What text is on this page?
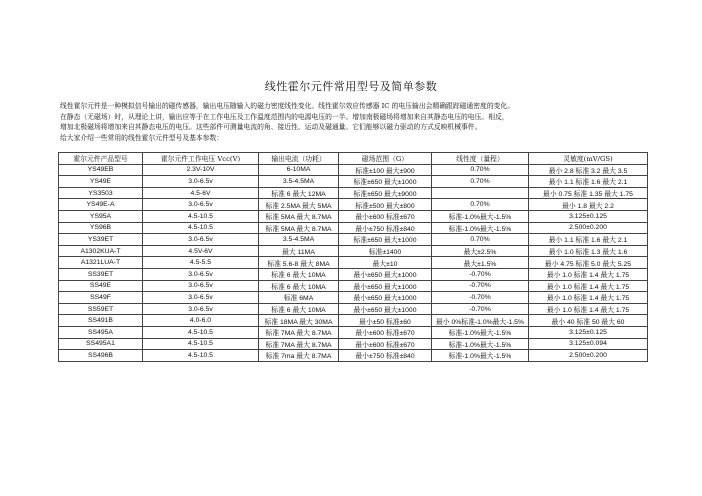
线性霍尔元件常用型号及简单参数
线性霍尔元件是一种模拟信号输出的磁传感器，输出电压随输入的磁力密度线性变化。线性霍尔效应传感器 IC 的电压输出会精确跟踪磁通密度的变化。
在静态（无磁场）时，从理论上讲，输出应等于在工作电压及工作温度范围内的电源电压的一半。增加南极磁场将增加来自其静态电压的电压。相反，
增加北极磁场将增加来自其静态电压的电压。这些部件可测量电流的角、接近性、运动及磁通量。它们能够以磁力驱动的方式反映机械事件。
给大家介绍一些常用的线性霍尔元件型号及基本参数：
霍尔元件产品型号	霍尔元件工作电压 Vcc(V)	输出电流（功耗）	磁场范围（G）	线性度（量程）	灵敏度(mV/GS)
YS49EB	2.3V-10V	6-10MA	标准±100 最大±900	0.70%	最小 2.8 标准 3.2 最大 3.5
YS49E	3.0-6.5v	3.5-4.5MA	标准±650 最大±1000	0.70%	最小 1.1 标准 1.6 最大 2.1
YS3503	4.5-6V	标准 6 最大 12MA	标准±650 最大±9000		最小 0.75 标准 1.35 最大 1.75
YS49E-A	3.0-6.5v	标准 2.5MA 最大 5MA	标准±500 最大±800	0.70%	最小 1.8 最大 2.2
YS95A	4.5-10.5	标准 5MA 最大 8.7MA	最小±600 标准±670	标准-1.0%最大-1.5%	3.125±0.125
YS96B	4.5-10.5	标准 5MA 最大 8.7MA	最小±750 标准±840	标准-1.0%最大-1.5%	2.500±0.200
YS39ET	3.0-6.5v	3.5-4.5MA	标准±650 最大±1000	0.70%	最小 1.1 标准 1.6 最大 2.1
A1302KUA-T	4.5V-6V	最大 11MA	标准±1400	最大±2.5%	最小 1.0 标准 1.3 最大 1.6
A1321LUA-T	4.5-5.5	标准 5.6-8 最大 8MA	最大±10	最大±1.5%	最小 4.75 标准 5.0 最大 5.25
SS39ET	3.0-6.5v	标准 6 最大 10MA	最小±650 最大±1000	-0.70%	最小 1.0 标准 1.4 最大 1.75
SS49E	3.0-6.5v	标准 6 最大 10MA	最小±650 最大±1000	-0.70%	最小 1.0 标准 1.4 最大 1.75
SS49F	3.0-6.5v	标准 6MA	最小±650 最大±1000	-0.70%	最小 1.0 标准 1.4 最大 1.75
SS59ET	3.0-6.5v	标准 6 最大 10MA	最小±650 最大±1000	-0.70%	最小 1.0 标准 1.4 最大 1.75
SS491B	4.0-6.0	标准 18MA 最大 30MA	最小±50 标准±60	最小 0%标准-1.0%最大-1.5%	最小 40 标准 50 最大 60
SS495A	4.5-10.5	标准 7MA 最大 8.7MA	最小±600 标准±670	标准-1.0%最大-1.5%	3.125±0.125
SS495A1	4.5-10.5	标准 7MA 最大 8.7MA	最小±600 标准±670	标准-1.0%最大-1.5%	3.125±0.094
SS496B	4.5-10.5	标准 7ma 最大 8.7MA	最小±750 标准±840	标准-1.0%最大-1.5%	2.500±0.200
